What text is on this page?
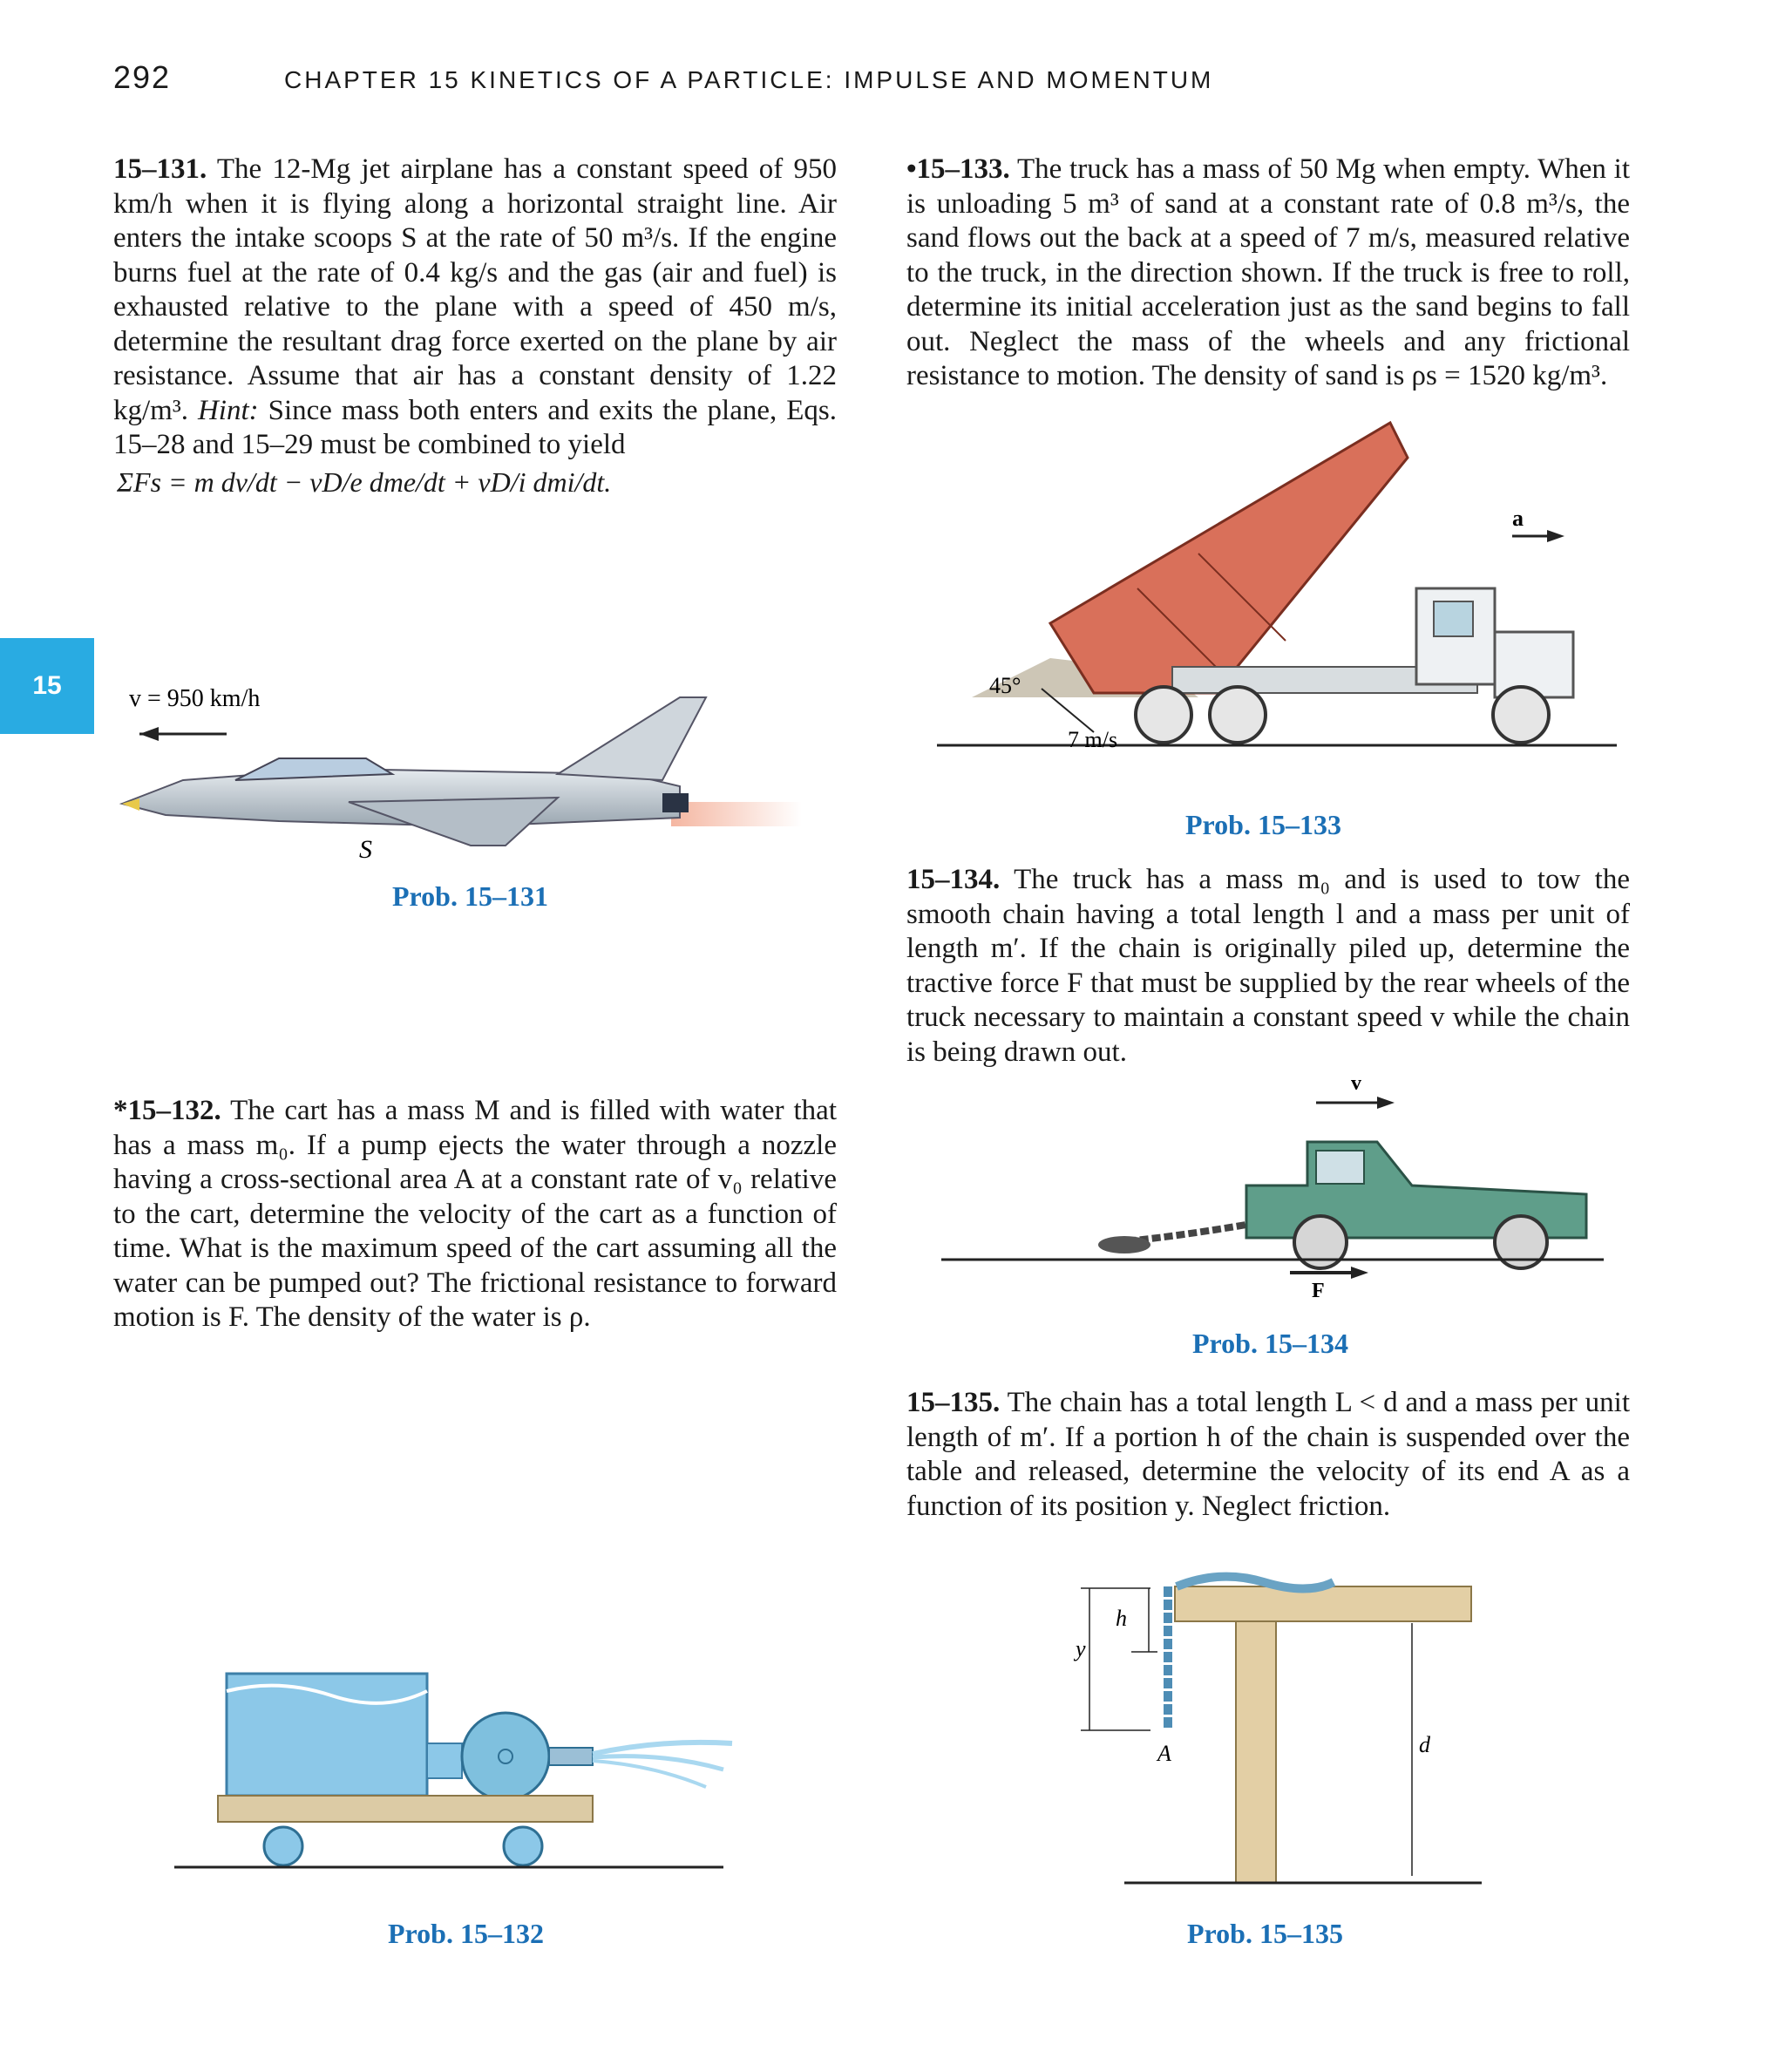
292	CHAPTER 15 KINETICS OF A PARTICLE: IMPULSE AND MOMENTUM
15
15–131. The 12-Mg jet airplane has a constant speed of 950 km/h when it is flying along a horizontal straight line. Air enters the intake scoops S at the rate of 50 m³/s. If the engine burns fuel at the rate of 0.4 kg/s and the gas (air and fuel) is exhausted relative to the plane with a speed of 450 m/s, determine the resultant drag force exerted on the plane by air resistance. Assume that air has a constant density of 1.22 kg/m³. Hint: Since mass both enters and exits the plane, Eqs. 15–28 and 15–29 must be combined to yield
ΣFs = m dv/dt − vD/e dme/dt + vD/i dmi/dt.
S
v = 950 km/h
Prob. 15–131
*15–132. The cart has a mass M and is filled with water that has a mass m₀. If a pump ejects the water through a nozzle having a cross-sectional area A at a constant rate of v₀ relative to the cart, determine the velocity of the cart as a function of time. What is the maximum speed of the cart assuming all the water can be pumped out? The frictional resistance to forward motion is F. The density of the water is ρ.
Prob. 15–132
•15–133. The truck has a mass of 50 Mg when empty. When it is unloading 5 m³ of sand at a constant rate of 0.8 m³/s, the sand flows out the back at a speed of 7 m/s, measured relative to the truck, in the direction shown. If the truck is free to roll, determine its initial acceleration just as the sand begins to fall out. Neglect the mass of the wheels and any frictional resistance to motion. The density of sand is ρs = 1520 kg/m³.
a
45°
7 m/s
Prob. 15–133
15–134. The truck has a mass m₀ and is used to tow the smooth chain having a total length l and a mass per unit of length m′. If the chain is originally piled up, determine the tractive force F that must be supplied by the rear wheels of the truck necessary to maintain a constant speed v while the chain is being drawn out.
v
F
Prob. 15–134
15–135. The chain has a total length L < d and a mass per unit length of m′. If a portion h of the chain is suspended over the table and released, determine the velocity of its end A as a function of its position y. Neglect friction.
h
y
A	d
Prob. 15–135
